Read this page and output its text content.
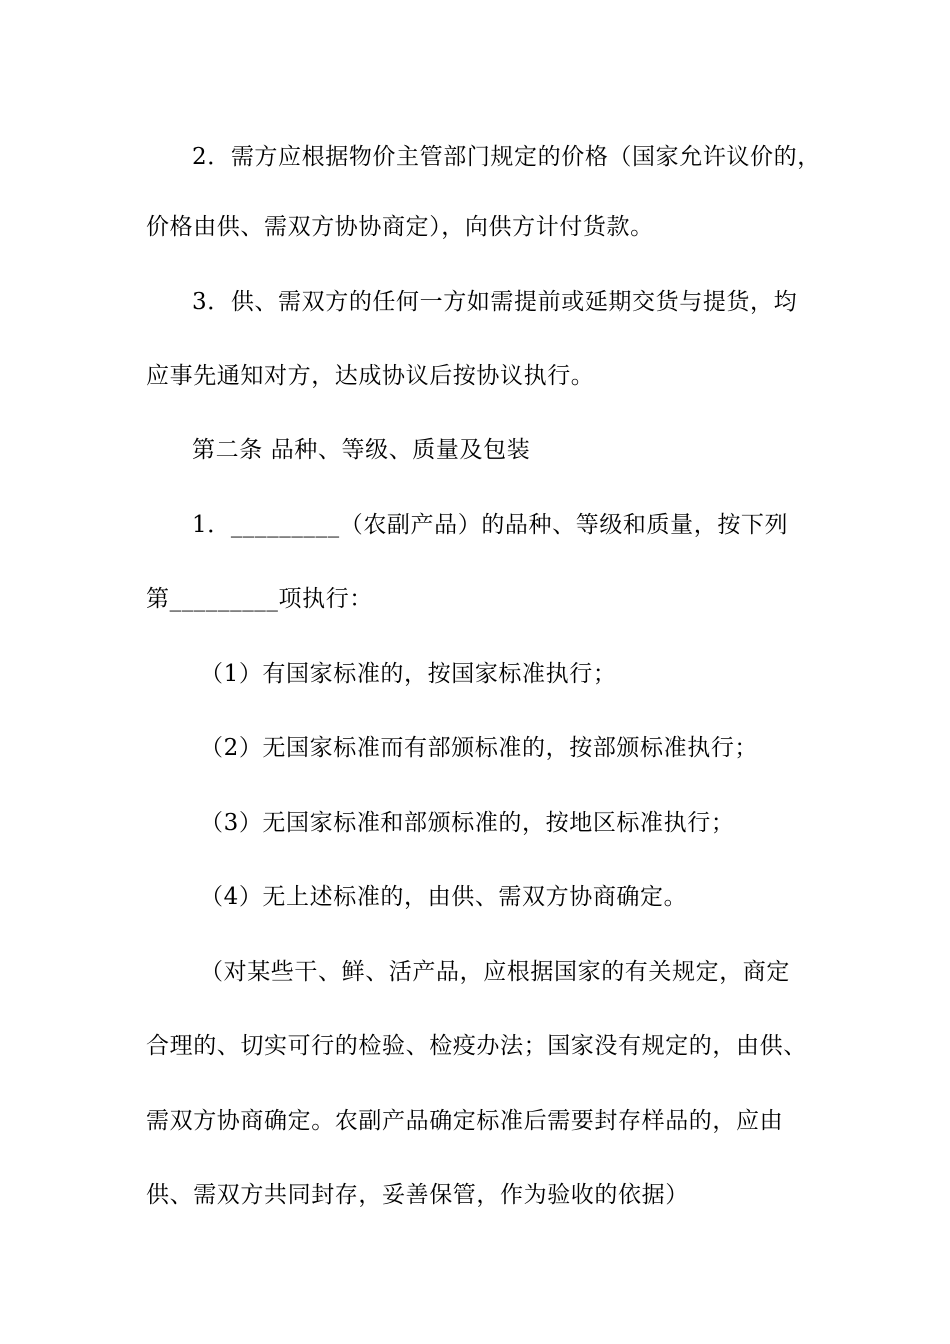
2．需方应根据物价主管部门规定的价格（国家允许议价的，
价格由供、需双方协协商定），向供方计付货款。
3．供、需双方的任何一方如需提前或延期交货与提货，均
应事先通知对方，达成协议后按协议执行。
第二条 品种、等级、质量及包装
1．_________（农副产品）的品种、等级和质量，按下列
第_________项执行：
（1）有国家标准的，按国家标准执行；
（2）无国家标准而有部颁标准的，按部颁标准执行；
（3）无国家标准和部颁标准的，按地区标准执行；
（4）无上述标准的，由供、需双方协商确定。
（对某些干、鲜、活产品，应根据国家的有关规定，商定
合理的、切实可行的检验、检疫办法；国家没有规定的，由供、
需双方协商确定。农副产品确定标准后需要封存样品的，应由
供、需双方共同封存，妥善保管，作为验收的依据）
